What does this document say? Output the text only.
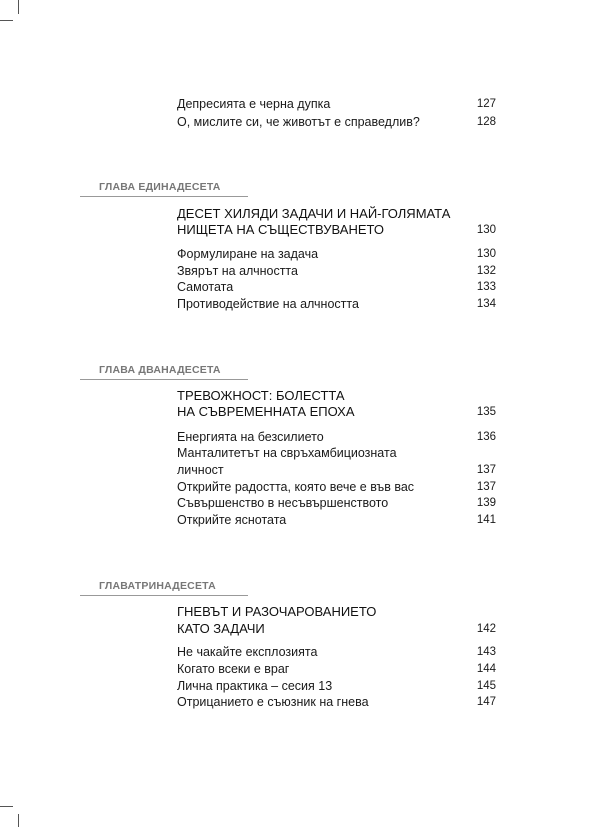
Депресията е черна дупка	127
О, мислите си, че животът е справедлив?	128
ГЛАВА ЕДИНАДЕСЕТА
ДЕСЕТ ХИЛЯДИ ЗАДАЧИ И НАЙ-ГОЛЯМАТА
НИЩЕТА НА СЪЩЕСТВУВАНЕТО	130
Формулиране на задача	130
Звярът на алчността	132
Самотата	133
Противодействие на алчността	134
ГЛАВА ДВАНАДЕСЕТА
ТРЕВОЖНОСТ: БОЛЕСТТА
НА СЪВРЕМЕННАТА ЕПОХА	135
Енергията на безсилието	136
Манталитетът на свръхамбициозната
личност	137
Открийте радостта, която вече е във вас	137
Съвършенство в несъвършенството	139
Открийте яснотата	141
ГЛАВАТРИНАДЕСЕТА
ГНЕВЪТ И РАЗОЧАРОВАНИЕТО
КАТО ЗАДАЧИ	142
Не чакайте експлозията	143
Когато всеки е враг	144
Лична практика – сесия 13	145
Отрицанието е съюзник на гнева	147
